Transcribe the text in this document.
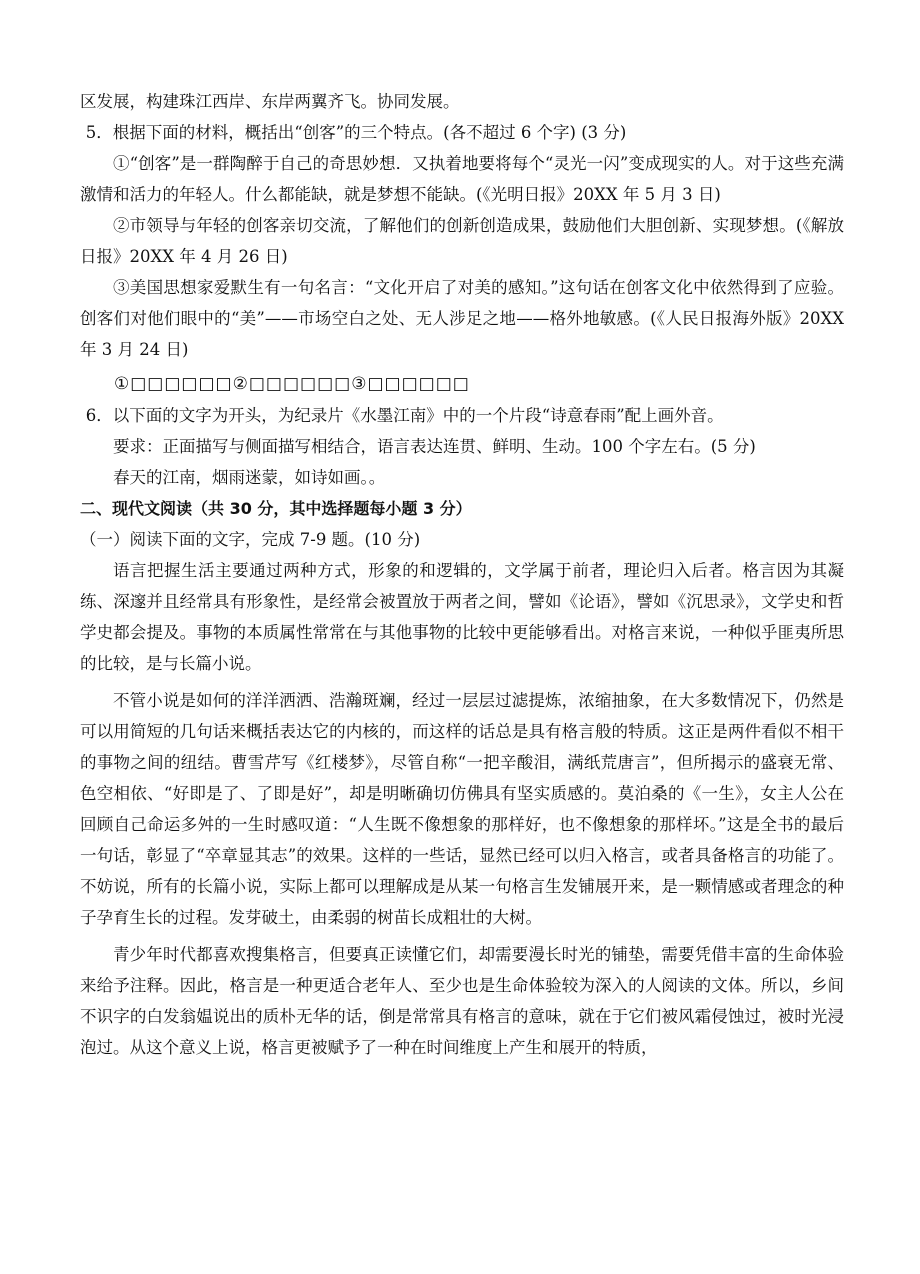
区发展，构建珠江西岸、东岸两翼齐飞。协同发展。

5．根据下面的材料，概括出“创客”的三个特点。(各不超过 6 个字) (3 分)

①“创客”是一群陶醉于自己的奇思妙想．又执着地要将每个“灵光一闪”变成现实的人。对于这些充满激情和活力的年轻人。什么都能缺，就是梦想不能缺。(《光明日报》20XX 年 5 月 3 日)

②市领导与年轻的创客亲切交流，了解他们的创新创造成果，鼓励他们大胆创新、实现梦想。(《解放日报》20XX 年 4 月 26 日)

③美国思想家爱默生有一句名言：“文化开启了对美的感知。”这句话在创客文化中依然得到了应验。创客们对他们眼中的“美”——市场空白之处、无人涉足之地——格外地敏感。(《人民日报海外版》20XX 年 3 月 24 日)

①□□□□□□②□□□□□□③□□□□□□

6．以下面的文字为开头，为纪录片《水墨江南》中的一个片段“诗意春雨”配上画外音。

要求：正面描写与侧面描写相结合，语言表达连贯、鲜明、生动。100 个字左右。(5 分)

春天的江南，烟雨迷蒙，如诗如画。。

二、现代文阅读（共 30 分，其中选择题每小题 3 分）

（一）阅读下面的文字，完成 7-9 题。(10 分)

语言把握生活主要通过两种方式，形象的和逻辑的，文学属于前者，理论归入后者。格言因为其凝练、深邃并且经常具有形象性，是经常会被置放于两者之间，譬如《论语》，譬如《沉思录》，文学史和哲学史都会提及。事物的本质属性常常在与其他事物的比较中更能够看出。对格言来说，一种似乎匪夷所思的比较，是与长篇小说。

不管小说是如何的洋洋洒洒、浩瀚斑斓，经过一层层过滤提炼，浓缩抽象，在大多数情况下，仍然是可以用简短的几句话来概括表达它的内核的，而这样的话总是具有格言般的特质。这正是两件看似不相干的事物之间的纽结。曹雪芹写《红楼梦》，尽管自称“一把辛酸泪，满纸荒唐言”，但所揭示的盛衰无常、色空相依、“好即是了、了即是好”，却是明晰确切仿佛具有坚实质感的。莫泊桑的《一生》，女主人公在回顾自己命运多舛的一生时感叹道：“人生既不像想象的那样好，也不像想象的那样坏。”这是全书的最后一句话，彰显了“卒章显其志”的效果。这样的一些话，显然已经可以归入格言，或者具备格言的功能了。不妨说，所有的长篇小说，实际上都可以理解成是从某一句格言生发铺展开来，是一颗情感或者理念的种子孕育生长的过程。发芽破土，由柔弱的树苗长成粗壮的大树。

青少年时代都喜欢搜集格言，但要真正读懂它们，却需要漫长时光的铺垫，需要凭借丰富的生命体验来给予注释。因此，格言是一种更适合老年人、至少也是生命体验较为深入的人阅读的文体。所以，乡间不识字的白发翁媪说出的质朴无华的话，倒是常常具有格言的意味，就在于它们被风霜侵蚀过，被时光浸泡过。从这个意义上说，格言更被赋予了一种在时间维度上产生和展开的特质，
